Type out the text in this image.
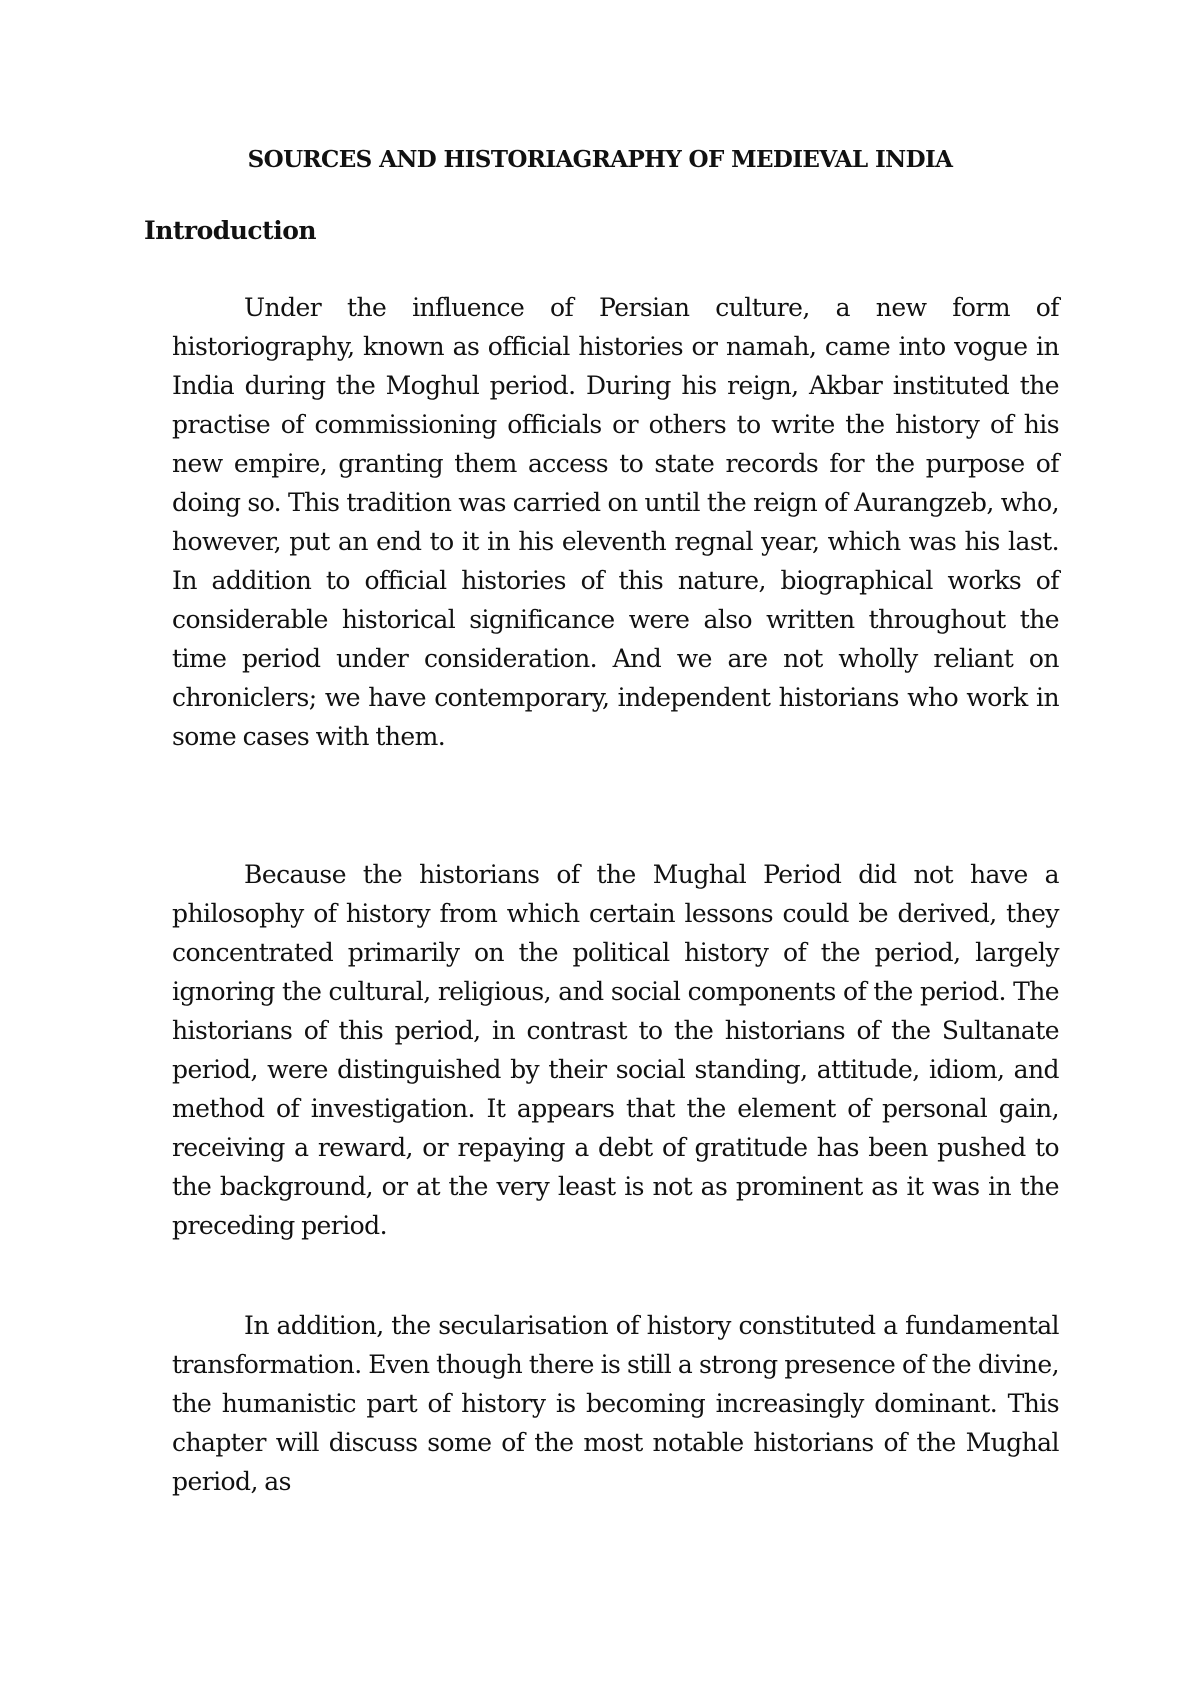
SOURCES AND HISTORIAGRAPHY OF MEDIEVAL INDIA
Introduction

Under the influence of Persian culture, a new form of historiography, known as official histories or namah, came into vogue in India during the Moghul period. During his reign, Akbar instituted the practise of commissioning officials or others to write the history of his new empire, granting them access to state records for the purpose of doing so. This tradition was carried on until the reign of Aurangzeb, who, however, put an end to it in his eleventh regnal year, which was his last. In addition to official histories of this nature, biographical works of considerable historical significance were also written throughout the time period under consideration. And we are not wholly reliant on chroniclers; we have contemporary, independent historians who work in some cases with them.

Because the historians of the Mughal Period did not have a philosophy of history from which certain lessons could be derived, they concentrated primarily on the political history of the period, largely ignoring the cultural, religious, and social components of the period. The historians of this period, in contrast to the historians of the Sultanate period, were distinguished by their social standing, attitude, idiom, and method of investigation. It appears that the element of personal gain, receiving a reward, or repaying a debt of gratitude has been pushed to the background, or at the very least is not as prominent as it was in the preceding period.

In addition, the secularisation of history constituted a fundamental transformation. Even though there is still a strong presence of the divine, the humanistic part of history is becoming increasingly dominant. This chapter will discuss some of the most notable historians of the Mughal period, as
